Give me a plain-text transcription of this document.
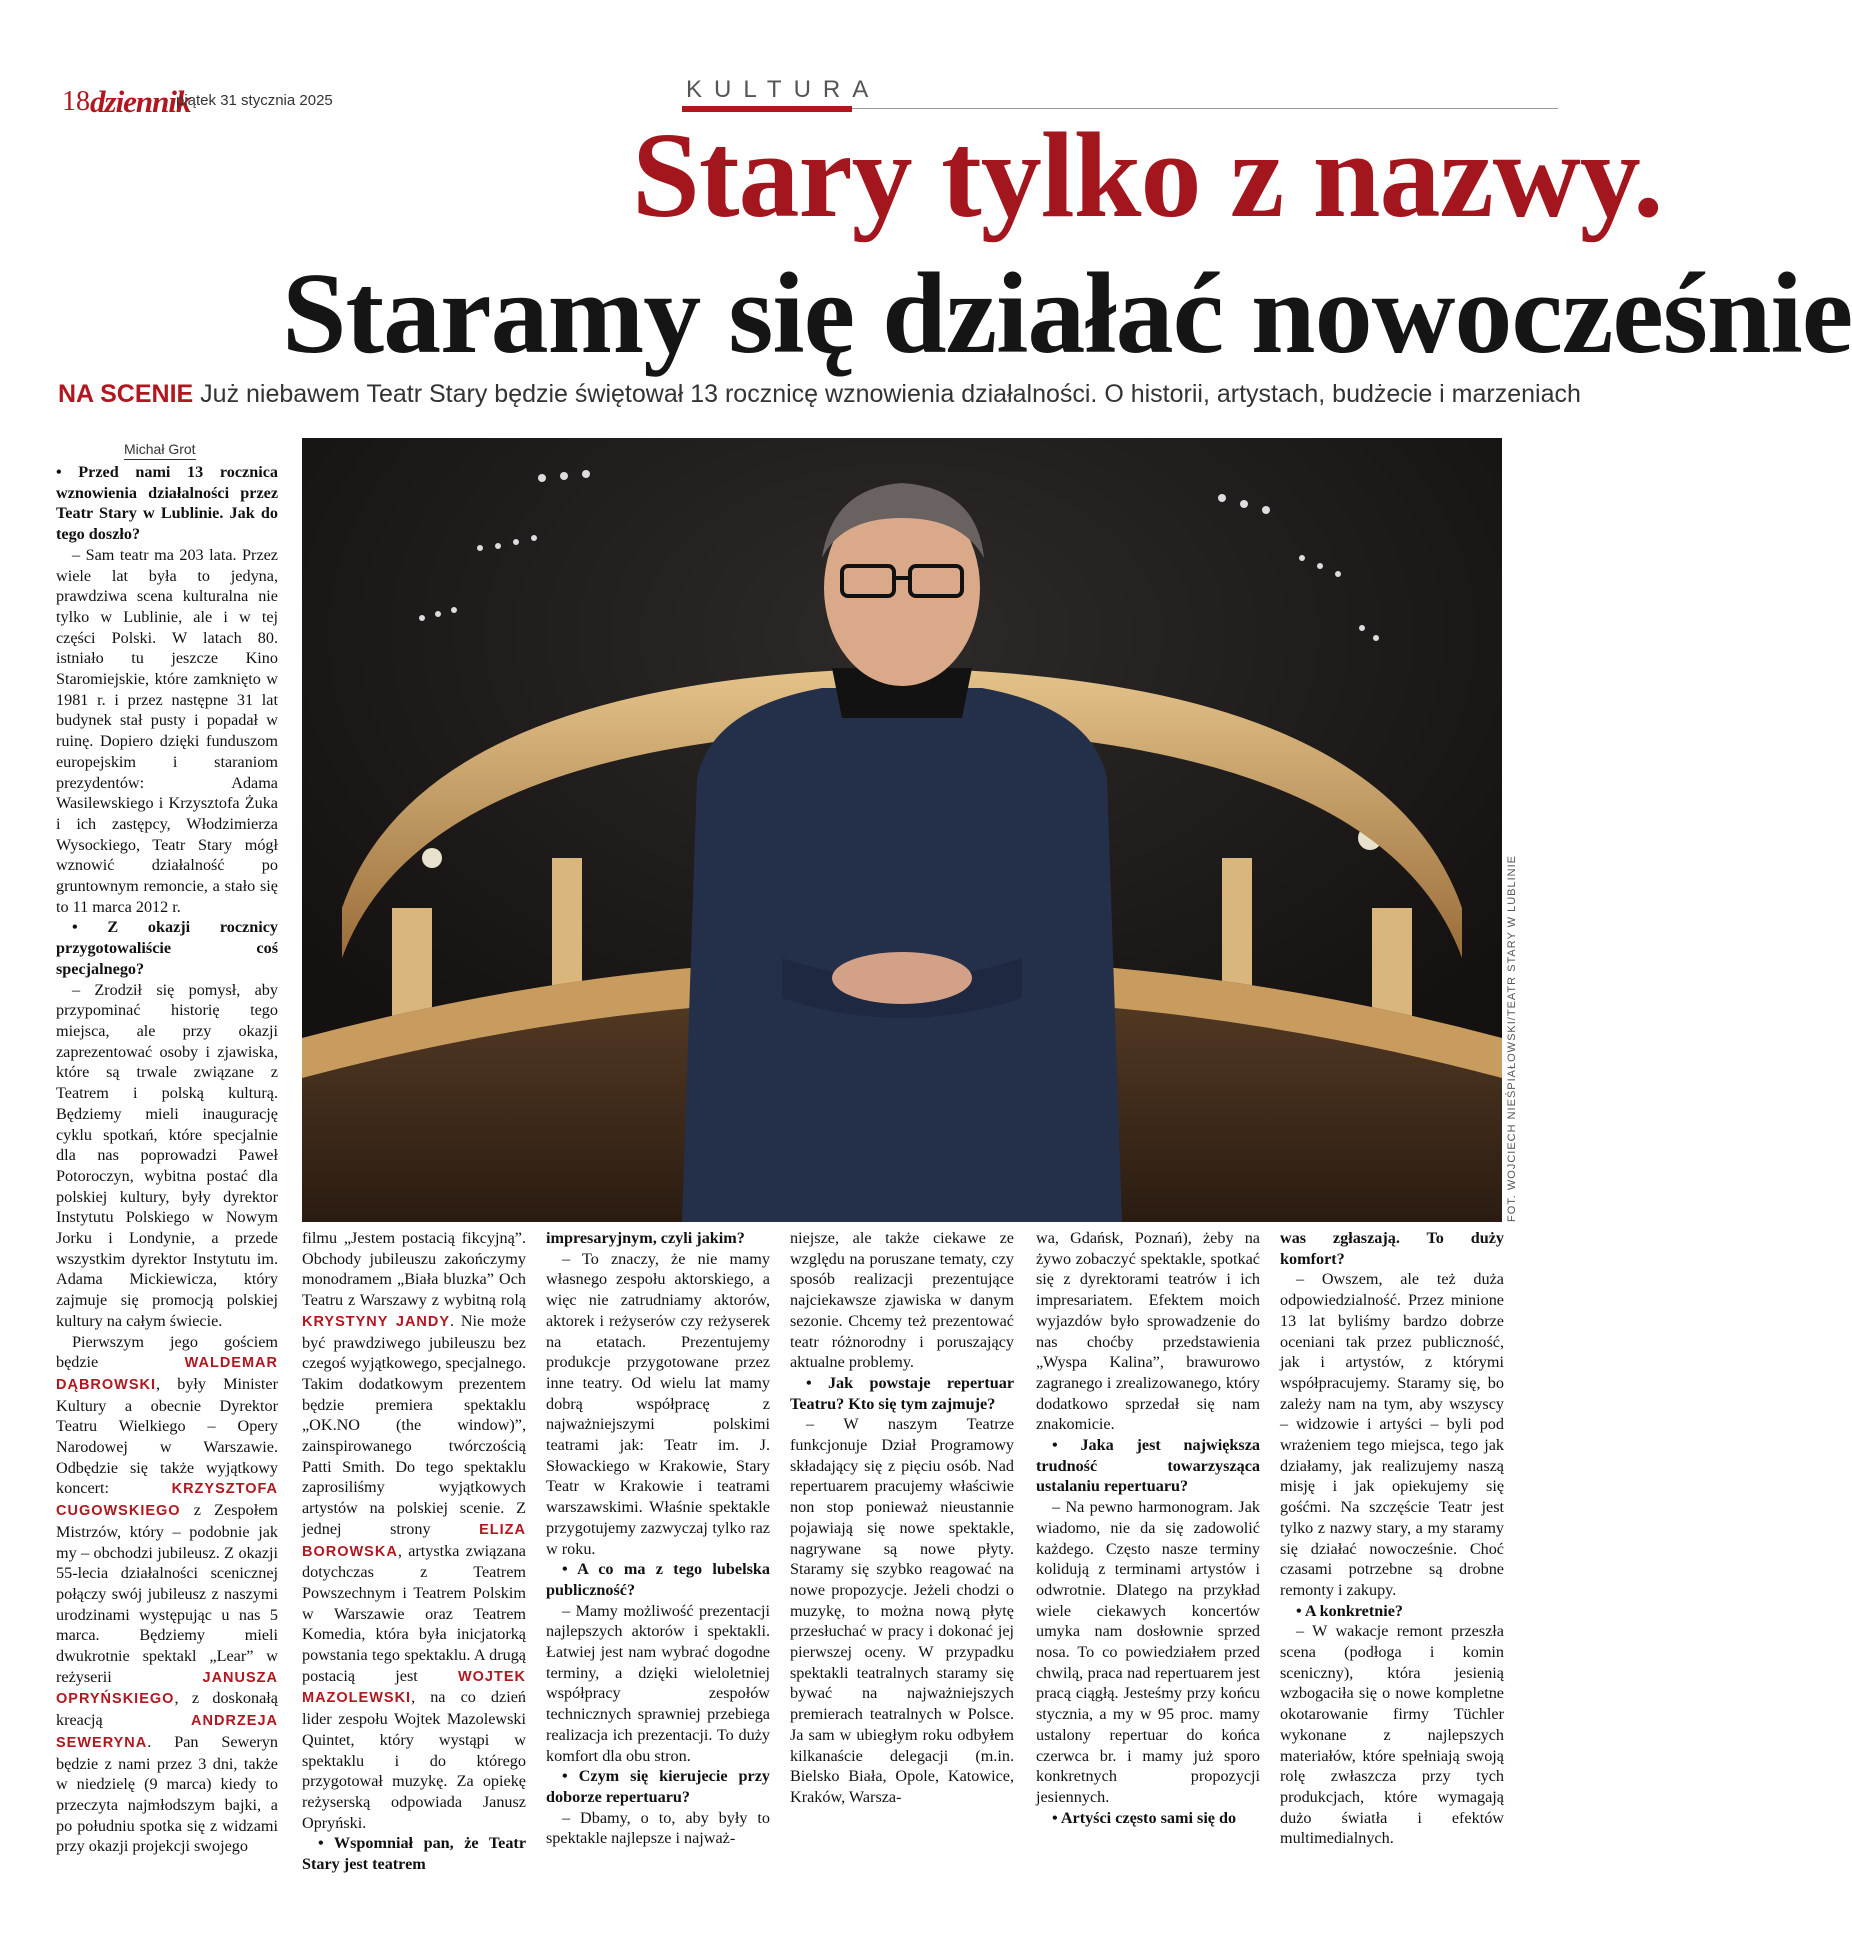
18 dziennik
piątek 31 stycznia 2025	KULTURA
Stary tylko z nazwy.
Staramy się działać nowocześnie
NA SCENIE Już niebawem Teatr Stary będzie świętował 13 rocznicę wznowienia działalności. O historii, artystach, budżecie i marzeniach
FOT. WOJCIECH NIEŚPIAŁOWSKI/TEATR STARY W LUBLINIE
Michał Grot

• Przed nami 13 rocznica wznowienia działalności przez Teatr Stary w Lublinie. Jak do tego doszło?

– Sam teatr ma 203 lata. Przez wiele lat była to jedyna, prawdziwa scena kulturalna nie tylko w Lublinie, ale i w tej części Polski. W latach 80. istniało tu jeszcze Kino Staromiejskie, które zamknięto w 1981 r. i przez następne 31 lat budynek stał pusty i popadał w ruinę. Dopiero dzięki funduszom europejskim i staraniom prezydentów: Adama Wasilewskiego i Krzysztofa Żuka i ich zastępcy, Włodzimierza Wysockiego, Teatr Stary mógł wznowić działalność po gruntownym remoncie, a stało się to 11 marca 2012 r.

• Z okazji rocznicy przygotowaliście coś specjalnego?

– Zrodził się pomysł, aby przypominać historię tego miejsca, ale przy okazji zaprezentować osoby i zjawiska, które są trwale związane z Teatrem i polską kulturą. Będziemy mieli inaugurację cyklu spotkań, które specjalnie dla nas poprowadzi Paweł Potoroczyn, wybitna postać dla polskiej kultury, były dyrektor Instytutu Polskiego w Nowym Jorku i Londynie, a przede wszystkim dyrektor Instytutu im. Adama Mickiewicza, który zajmuje się promocją polskiej kultury na całym świecie.

Pierwszym jego gościem będzie WALDEMAR DĄBROWSKI, były Minister Kultury a obecnie Dyrektor Teatru Wielkiego – Opery Narodowej w Warszawie. Odbędzie się także wyjątkowy koncert: KRZYSZTOFA CUGOWSKIEGO z Zespołem Mistrzów, który – podobnie jak my – obchodzi jubileusz. Z okazji 55-lecia działalności scenicznej połączy swój jubileusz z naszymi urodzinami występując u nas 5 marca. Będziemy mieli dwukrotnie spektakl „Lear” w reżyserii JANUSZA OPRYŃSKIEGO, z doskonałą kreacją ANDRZEJA SEWERYNA. Pan Seweryn będzie z nami przez 3 dni, także w niedzielę (9 marca) kiedy to przeczyta najmłodszym bajki, a po południu spotka się z widzami przy okazji projekcji swojego

filmu „Jestem postacią fikcyjną”. Obchody jubileuszu zakończymy monodramem „Biała bluzka” Och Teatru z Warszawy z wybitną rolą KRYSTYNY JANDY. Nie może być prawdziwego jubileuszu bez czegoś wyjątkowego, specjalnego. Takim dodatkowym prezentem będzie premiera spektaklu „OK.NO (the window)”, zainspirowanego twórczością Patti Smith. Do tego spektaklu zaprosiliśmy wyjątkowych artystów na polskiej scenie. Z jednej strony ELIZA BOROWSKA, artystka związana dotychczas z Teatrem Powszechnym i Teatrem Polskim w Warszawie oraz Teatrem Komedia, która była inicjatorką powstania tego spektaklu. A drugą postacią jest WOJTEK MAZOLEWSKI, na co dzień lider zespołu Wojtek Mazolewski Quintet, który wystąpi w spektaklu i do którego przygotował muzykę. Za opiekę reżyserską odpowiada Janusz Opryński.

• Wspomniał pan, że Teatr Stary jest teatrem

impresaryjnym, czyli jakim?

– To znaczy, że nie mamy własnego zespołu aktorskiego, a więc nie zatrudniamy aktorów, aktorek i reżyserów czy reżyserek na etatach. Prezentujemy produkcje przygotowane przez inne teatry. Od wielu lat mamy dobrą współpracę z najważniejszymi polskimi teatrami jak: Teatr im. J. Słowackiego w Krakowie, Stary Teatr w Krakowie i teatrami warszawskimi. Właśnie spektakle przygotujemy zazwyczaj tylko raz w roku.

• A co ma z tego lubelska publiczność?

– Mamy możliwość prezentacji najlepszych aktorów i spektakli. Łatwiej jest nam wybrać dogodne terminy, a dzięki wieloletniej współpracy zespołów technicznych sprawniej przebiega realizacja ich prezentacji. To duży komfort dla obu stron.

• Czym się kierujecie przy doborze repertuaru?

– Dbamy, o to, aby były to spektakle najlepsze i najważ-

niejsze, ale także ciekawe ze względu na poruszane tematy, czy sposób realizacji prezentujące najciekawsze zjawiska w danym sezonie. Chcemy też prezentować teatr różnorodny i poruszający aktualne problemy.

• Jak powstaje repertuar Teatru? Kto się tym zajmuje?

– W naszym Teatrze funkcjonuje Dział Programowy składający się z pięciu osób. Nad repertuarem pracujemy właściwie non stop ponieważ nieustannie pojawiają się nowe spektakle, nagrywane są nowe płyty. Staramy się szybko reagować na nowe propozycje. Jeżeli chodzi o muzykę, to można nową płytę przesłuchać w pracy i dokonać jej pierwszej oceny. W przypadku spektakli teatralnych staramy się bywać na najważniejszych premierach teatralnych w Polsce. Ja sam w ubiegłym roku odbyłem kilkanaście delegacji (m.in. Bielsko Biała, Opole, Katowice, Kraków, Warsza-

wa, Gdańsk, Poznań), żeby na żywo zobaczyć spektakle, spotkać się z dyrektorami teatrów i ich impresariatem. Efektem moich wyjazdów było sprowadzenie do nas choćby przedstawienia „Wyspa Kalina”, brawurowo zagranego i zrealizowanego, który dodatkowo sprzedał się nam znakomicie.

• Jaka jest największa trudność towarzysząca ustalaniu repertuaru?

– Na pewno harmonogram. Jak wiadomo, nie da się zadowolić każdego. Często nasze terminy kolidują z terminami artystów i odwrotnie. Dlatego na przykład wiele ciekawych koncertów umyka nam dosłownie sprzed nosa. To co powiedziałem przed chwilą, praca nad repertuarem jest pracą ciągłą. Jesteśmy przy końcu stycznia, a my w 95 proc. mamy ustalony repertuar do końca czerwca br. i mamy już sporo konkretnych propozycji jesiennych.

• Artyści często sami się do

was zgłaszają. To duży komfort?

– Owszem, ale też duża odpowiedzialność. Przez minione 13 lat byliśmy bardzo dobrze oceniani tak przez publiczność, jak i artystów, z którymi współpracujemy. Staramy się, bo zależy nam na tym, aby wszyscy – widzowie i artyści – byli pod wrażeniem tego miejsca, tego jak działamy, jak realizujemy naszą misję i jak opiekujemy się gośćmi. Na szczęście Teatr jest tylko z nazwy stary, a my staramy się działać nowocześnie. Choć czasami potrzebne są drobne remonty i zakupy.

• A konkretnie?

– W wakacje remont przeszła scena (podłoga i komin sceniczny), która jesienią wzbogaciła się o nowe kompletne okotarowanie firmy Tüchler wykonane z najlepszych materiałów, które spełniają swoją rolę zwłaszcza przy tych produkcjach, które wymagają dużo światła i efektów multimedialnych.
